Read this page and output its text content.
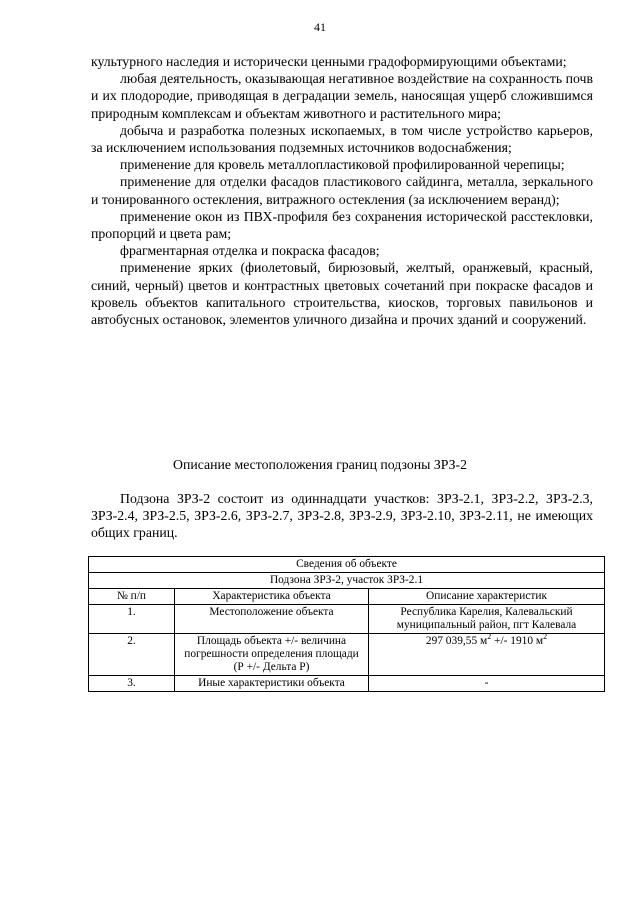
41

культурного наследия и исторически ценными градоформирующими объектами;

любая деятельность, оказывающая негативное воздействие на сохранность почв и их плодородие, приводящая в деградации земель, наносящая ущерб сложившимся природным комплексам и объектам животного и растительного мира;

добыча и разработка полезных ископаемых, в том числе устройство карьеров, за исключением использования подземных источников водоснабжения;

применение для кровель металлопластиковой профилированной черепицы;

применение для отделки фасадов пластикового сайдинга, металла, зеркального и тонированного остекления, витражного остекления (за исключением веранд);

применение окон из ПВХ-профиля без сохранения исторической расстекловки, пропорций и цвета рам;

фрагментарная отделка и покраска фасадов;

применение ярких (фиолетовый, бирюзовый, желтый, оранжевый, красный, синий, черный) цветов и контрастных цветовых сочетаний при покраске фасадов и кровель объектов капитального строительства, киосков, торговых павильонов и автобусных остановок, элементов уличного дизайна и прочих зданий и сооружений.

Описание местоположения границ подзоны ЗРЗ-2
Подзона ЗРЗ-2 состоит из одиннадцати участков: ЗРЗ-2.1, ЗРЗ-2.2, ЗРЗ-2.3, ЗРЗ-2.4, ЗРЗ-2.5, ЗРЗ-2.6, ЗРЗ-2.7, ЗРЗ-2.8, ЗРЗ-2.9, ЗРЗ-2.10, ЗРЗ-2.11, не имеющих общих границ.
Сведения об объекте		
Подзона ЗРЗ-2, участок ЗРЗ-2.1		
№ п/п	Характеристика объекта	Описание характеристик
1.	Местоположение объекта	Республика Карелия, Калевальский муниципальный район, пгт Калевала
2.	Площадь объекта +/- величина погрешности определения площади (Р +/- Дельта Р)	297 039,55 $м^2$ +/- 1910 $м^2$
3.	Иные характеристики объекта	-
